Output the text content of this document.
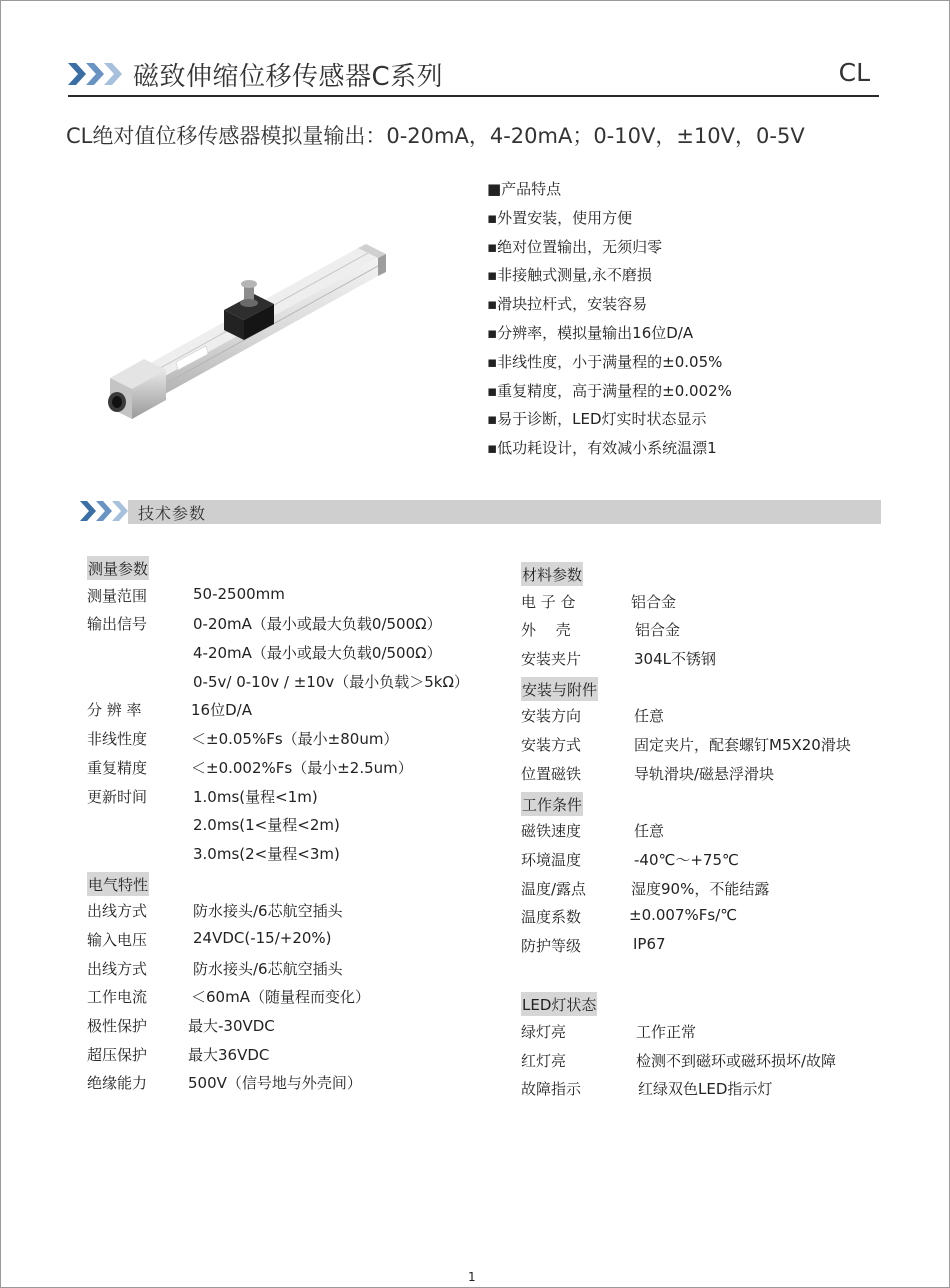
磁致伸缩位移传感器C系列	CL
CL绝对值位移传感器模拟量输出：0-20mA，4-20mA；0-10V，±10V，0-5V
■产品特点
▪外置安装，使用方便
▪绝对位置输出，无须归零
▪非接触式测量,永不磨损
▪滑块拉杆式，安装容易
▪分辨率，模拟量输出16位D/A
▪非线性度，小于满量程的±0.05%
▪重复精度，高于满量程的±0.002%
▪易于诊断，LED灯实时状态显示
▪低功耗设计，有效减小系统温漂1
技术参数
测量参数
测量范围	50-2500mm
输出信号	0-20mA（最小或最大负载0/500Ω）
4-20mA（最小或最大负载0/500Ω）
0-5v/ 0-10v / ±10v（最小负载＞5kΩ）
分 辨 率	16位D/A
非线性度	＜±0.05%Fs（最小±80um）
重复精度	＜±0.002%Fs（最小±2.5um）
更新时间	1.0ms(量程<1m)
2.0ms(1<量程<2m)
3.0ms(2<量程<3m)
电气特性
出线方式	防水接头/6芯航空插头
输入电压	24VDC(-15/+20%)
出线方式	防水接头/6芯航空插头
工作电流	＜60mA（随量程而变化）
极性保护	最大-30VDC
超压保护	最大36VDC
绝缘能力	500V（信号地与外壳间）
材料参数
电 子 仓	铝合金
外　 壳	铝合金
安装夹片	304L不锈钢
安装与附件
安装方向	任意
安装方式	固定夹片，配套螺钉M5X20滑块
位置磁铁	导轨滑块/磁悬浮滑块
工作条件
磁铁速度	任意
环境温度	-40℃～+75℃
温度/露点	湿度90%，不能结露
温度系数	±0.007%Fs/℃
防护等级	IP67
LED灯状态
绿灯亮	工作正常
红灯亮	检测不到磁环或磁环损坏/故障
故障指示	红绿双色LED指示灯
1
